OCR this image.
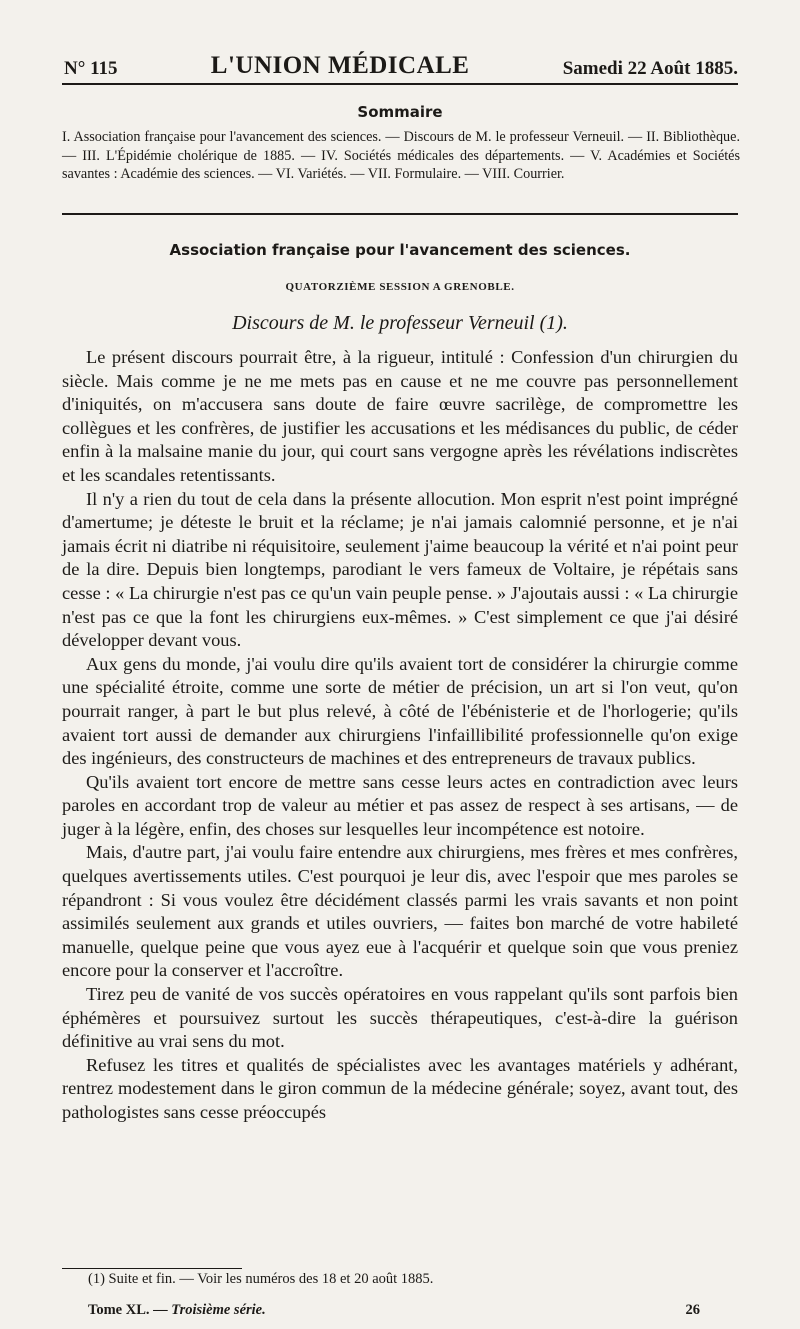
N° 115	L'UNION MÉDICALE	Samedi 22 Août 1885.
Sommaire
I. Association française pour l'avancement des sciences. — Discours de M. le professeur Verneuil. — II. Bibliothèque. — III. L'Épidémie cholérique de 1885. — IV. Sociétés médicales des départements. — V. Académies et Sociétés savantes : Académie des sciences. — VI. Variétés. — VII. Formulaire. — VIII. Courrier.
Association française pour l'avancement des sciences.
QUATORZIÈME SESSION A GRENOBLE.
Discours de M. le professeur Verneuil (1).

Le présent discours pourrait être, à la rigueur, intitulé : Confession d'un chirurgien du siècle. Mais comme je ne me mets pas en cause et ne me couvre pas personnellement d'iniquités, on m'accusera sans doute de faire œuvre sacrilège, de compromettre les collègues et les confrères, de justifier les accusations et les médisances du public, de céder enfin à la malsaine manie du jour, qui court sans vergogne après les révélations indiscrètes et les scandales retentissants.

Il n'y a rien du tout de cela dans la présente allocution. Mon esprit n'est point imprégné d'amertume; je déteste le bruit et la réclame; je n'ai jamais calomnié personne, et je n'ai jamais écrit ni diatribe ni réquisitoire, seulement j'aime beaucoup la vérité et n'ai point peur de la dire. Depuis bien longtemps, parodiant le vers fameux de Voltaire, je répétais sans cesse : « La chirurgie n'est pas ce qu'un vain peuple pense. » J'ajoutais aussi : « La chirurgie n'est pas ce que la font les chirurgiens eux-mêmes. » C'est simplement ce que j'ai désiré développer devant vous.

Aux gens du monde, j'ai voulu dire qu'ils avaient tort de considérer la chirurgie comme une spécialité étroite, comme une sorte de métier de précision, un art si l'on veut, qu'on pourrait ranger, à part le but plus relevé, à côté de l'ébénisterie et de l'horlogerie; qu'ils avaient tort aussi de demander aux chirurgiens l'infaillibilité professionnelle qu'on exige des ingénieurs, des constructeurs de machines et des entrepreneurs de travaux publics.

Qu'ils avaient tort encore de mettre sans cesse leurs actes en contradiction avec leurs paroles en accordant trop de valeur au métier et pas assez de respect à ses artisans, — de juger à la légère, enfin, des choses sur lesquelles leur incompétence est notoire.

Mais, d'autre part, j'ai voulu faire entendre aux chirurgiens, mes frères et mes confrères, quelques avertissements utiles. C'est pourquoi je leur dis, avec l'espoir que mes paroles se répandront : Si vous voulez être décidément classés parmi les vrais savants et non point assimilés seulement aux grands et utiles ouvriers, — faites bon marché de votre habileté manuelle, quelque peine que vous ayez eue à l'acquérir et quelque soin que vous preniez encore pour la conserver et l'accroître.

Tirez peu de vanité de vos succès opératoires en vous rappelant qu'ils sont parfois bien éphémères et poursuivez surtout les succès thérapeutiques, c'est-à-dire la guérison définitive au vrai sens du mot.

Refusez les titres et qualités de spécialistes avec les avantages matériels y adhérant, rentrez modestement dans le giron commun de la médecine générale; soyez, avant tout, des pathologistes sans cesse préoccupés

(1) Suite et fin. — Voir les numéros des 18 et 20 août 1885.
Tome XL. — Troisième série.	26
